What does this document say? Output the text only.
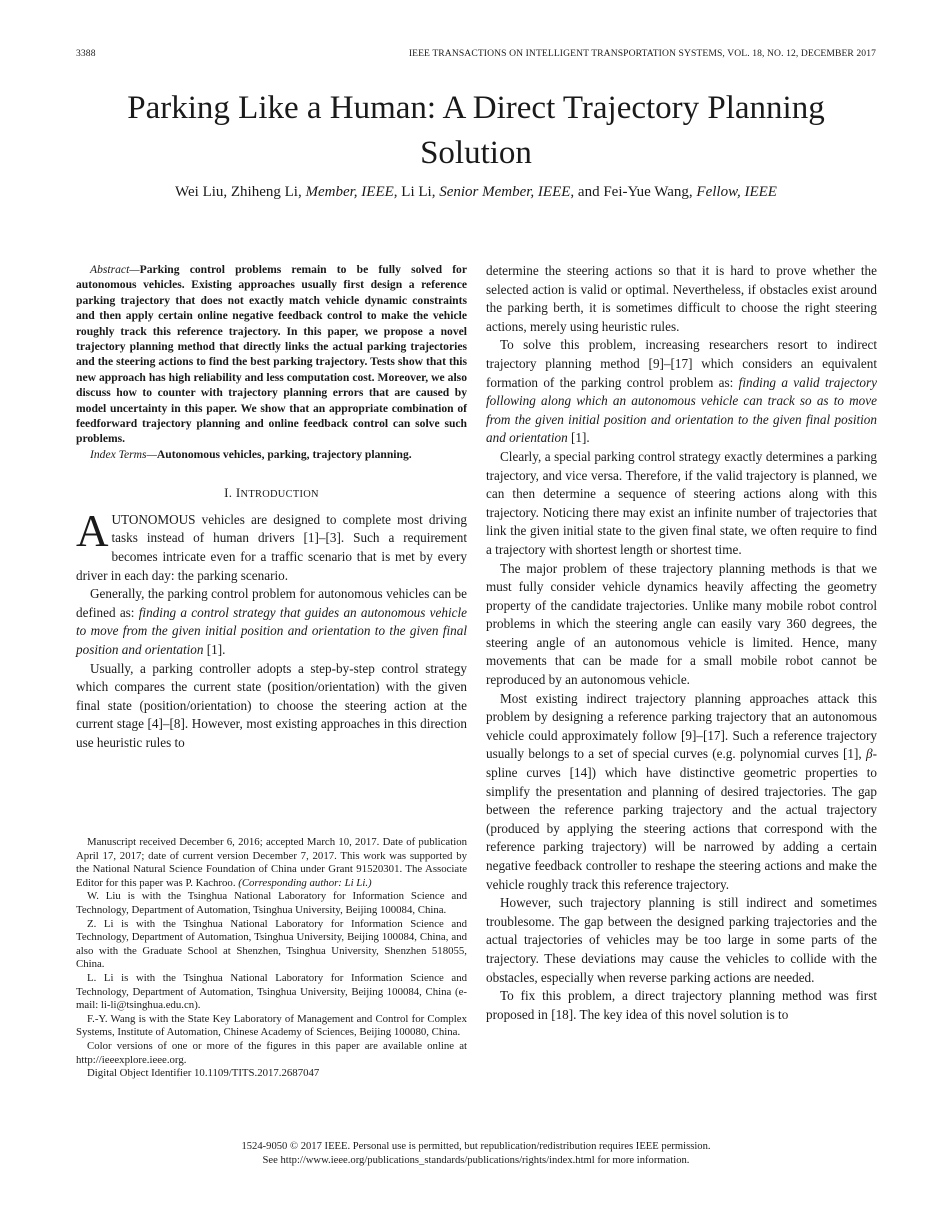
3388	IEEE TRANSACTIONS ON INTELLIGENT TRANSPORTATION SYSTEMS, VOL. 18, NO. 12, DECEMBER 2017
Parking Like a Human: A Direct Trajectory Planning Solution
Wei Liu, Zhiheng Li, Member, IEEE, Li Li, Senior Member, IEEE, and Fei-Yue Wang, Fellow, IEEE

Abstract—Parking control problems remain to be fully solved for autonomous vehicles. Existing approaches usually first design a reference parking trajectory that does not exactly match vehicle dynamic constraints and then apply certain online negative feedback control to make the vehicle roughly track this reference trajectory. In this paper, we propose a novel trajectory planning method that directly links the actual parking trajectories and the steering actions to find the best parking trajectory. Tests show that this new approach has high reliability and less computation cost. Moreover, we also discuss how to counter with trajectory planning errors that are caused by model uncertainty in this paper. We show that an appropriate combination of feedforward trajectory planning and online feedback control can solve such problems.

Index Terms—Autonomous vehicles, parking, trajectory planning.

I. INTRODUCTION

AUTONOMOUS vehicles are designed to complete most driving tasks instead of human drivers [1]–[3]. Such a requirement becomes intricate even for a traffic scenario that is met by every driver in each day: the parking scenario.

Generally, the parking control problem for autonomous vehicles can be defined as: finding a control strategy that guides an autonomous vehicle to move from the given initial position and orientation to the given final position and orientation [1].

Usually, a parking controller adopts a step-by-step control strategy which compares the current state (position/orientation) with the given final state (position/orientation) to choose the steering action at the current stage [4]–[8]. However, most existing approaches in this direction use heuristic rules to

Manuscript received December 6, 2016; accepted March 10, 2017. Date of publication April 17, 2017; date of current version December 7, 2017. This work was supported by the National Natural Science Foundation of China under Grant 91520301. The Associate Editor for this paper was P. Kachroo. (Corresponding author: Li Li.)

W. Liu is with the Tsinghua National Laboratory for Information Science and Technology, Department of Automation, Tsinghua University, Beijing 100084, China.

Z. Li is with the Tsinghua National Laboratory for Information Science and Technology, Department of Automation, Tsinghua University, Beijing 100084, China, and also with the Graduate School at Shenzhen, Tsinghua University, Shenzhen 518055, China.

L. Li is with the Tsinghua National Laboratory for Information Science and Technology, Department of Automation, Tsinghua University, Beijing 100084, China (e-mail: li-li@tsinghua.edu.cn).

F.-Y. Wang is with the State Key Laboratory of Management and Control for Complex Systems, Institute of Automation, Chinese Academy of Sciences, Beijing 100080, China.

Color versions of one or more of the figures in this paper are available online at http://ieeexplore.ieee.org.

Digital Object Identifier 10.1109/TITS.2017.2687047

determine the steering actions so that it is hard to prove whether the selected action is valid or optimal. Nevertheless, if obstacles exist around the parking berth, it is sometimes difficult to choose the right steering actions, merely using heuristic rules.

To solve this problem, increasing researchers resort to indirect trajectory planning method [9]–[17] which considers an equivalent formation of the parking control problem as: finding a valid trajectory following along which an autonomous vehicle can track so as to move from the given initial position and orientation to the given final position and orientation [1].

Clearly, a special parking control strategy exactly determines a parking trajectory, and vice versa. Therefore, if the valid trajectory is planned, we can then determine a sequence of steering actions along with this trajectory. Noticing there may exist an infinite number of trajectories that link the given initial state to the given final state, we often require to find a trajectory with shortest length or shortest time.

The major problem of these trajectory planning methods is that we must fully consider vehicle dynamics heavily affecting the geometry property of the candidate trajectories. Unlike many mobile robot control problems in which the steering angle can easily vary 360 degrees, the steering angle of an autonomous vehicle is limited. Hence, many movements that can be made for a small mobile robot cannot be reproduced by an autonomous vehicle.

Most existing indirect trajectory planning approaches attack this problem by designing a reference parking trajectory that an autonomous vehicle could approximately follow [9]–[17]. Such a reference trajectory usually belongs to a set of special curves (e.g. polynomial curves [1], β-spline curves [14]) which have distinctive geometric properties to simplify the presentation and planning of desired trajectories. The gap between the reference parking trajectory and the actual trajectory (produced by applying the steering actions that correspond with the reference parking trajectory) will be narrowed by adding a certain negative feedback controller to reshape the steering actions and make the vehicle roughly track this reference trajectory.

However, such trajectory planning is still indirect and sometimes troublesome. The gap between the designed parking trajectories and the actual trajectories of vehicles may be too large in some parts of the trajectory. These deviations may cause the vehicles to collide with the obstacles, especially when reverse parking actions are needed.

To fix this problem, a direct trajectory planning method was first proposed in [18]. The key idea of this novel solution is to

1524-9050 © 2017 IEEE. Personal use is permitted, but republication/redistribution requires IEEE permission.
See http://www.ieee.org/publications_standards/publications/rights/index.html for more information.
